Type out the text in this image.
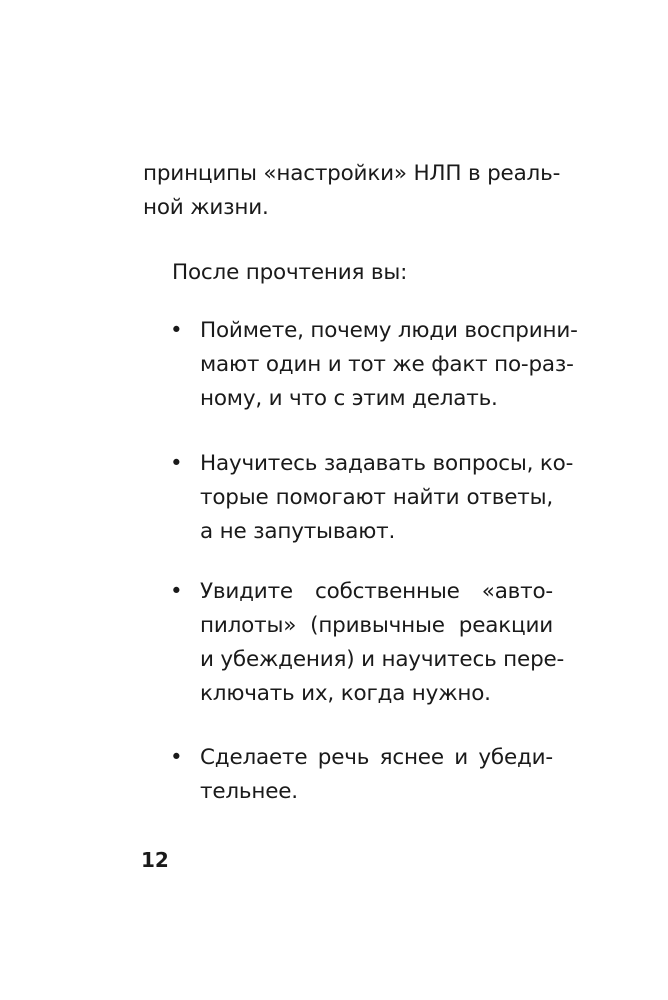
принципы «настройки» НЛП в реаль-
ной жизни.
После прочтения вы:
• Поймете, почему люди восприни-
мают один и тот же факт по-раз-
ному, и что с этим делать.
• Научитесь задавать вопросы, ко-
торые помогают найти ответы,
а не запутывают.
• Увидите собственные «авто-
пилоты» (привычные реакции
и убеждения) и научитесь пере-
ключать их, когда нужно.
• Сделаете речь яснее и убеди-
тельнее.
12
